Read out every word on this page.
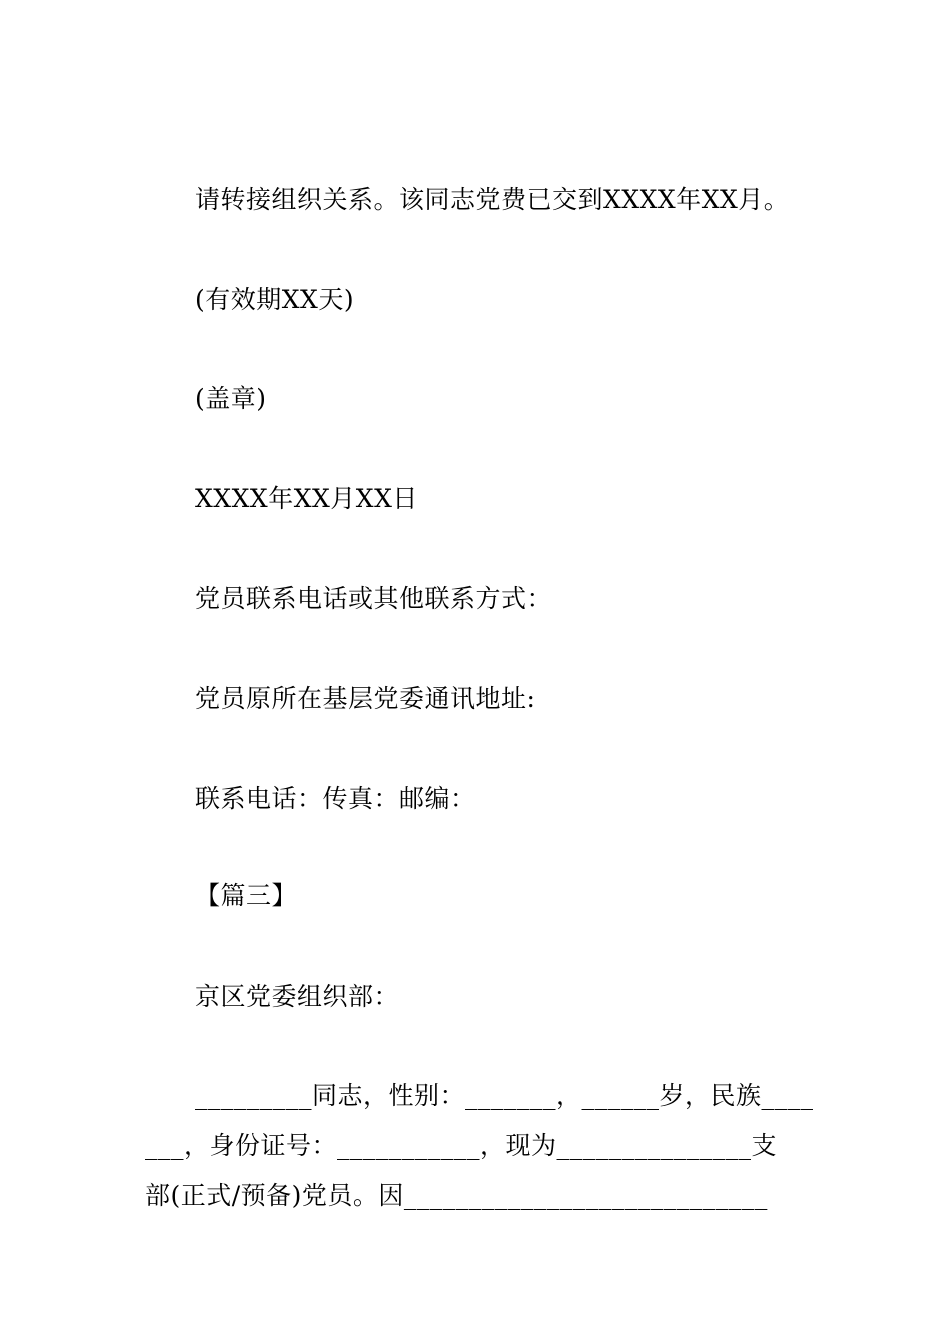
请转接组织关系。该同志党费已交到XXXX年XX月。
(有效期XX天)
(盖章)
XXXX年XX月XX日
党员联系电话或其他联系方式：
党员原所在基层党委通讯地址:
联系电话：传真：邮编：
【篇三】
京区党委组织部：
_________同志，性别：_______，______岁，民族____
___，身份证号：___________，现为_______________支
部(正式/预备)党员。因____________________________
